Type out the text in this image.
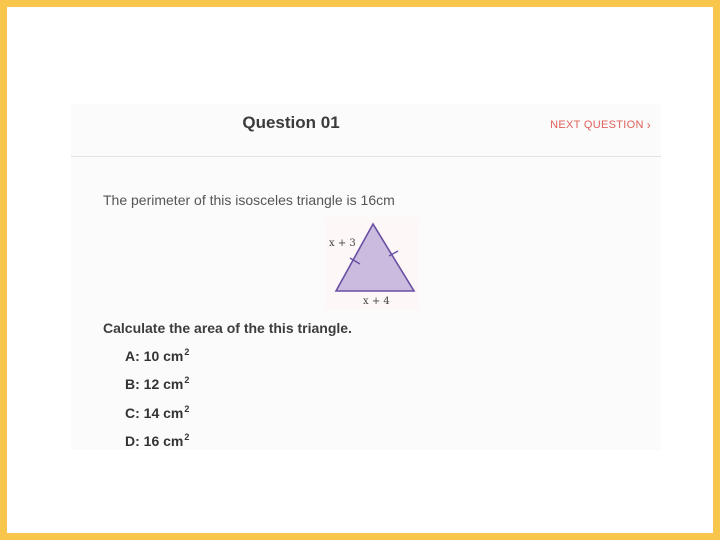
Question 01	NEXT QUESTION ›
The perimeter of this isosceles triangle is 16cm
x + 3
x + 4
Calculate the area of the this triangle.
A: 10 $cm^2$
B: 12 $cm^2$
C: 14 $cm^2$
D: 16 $cm^2$
